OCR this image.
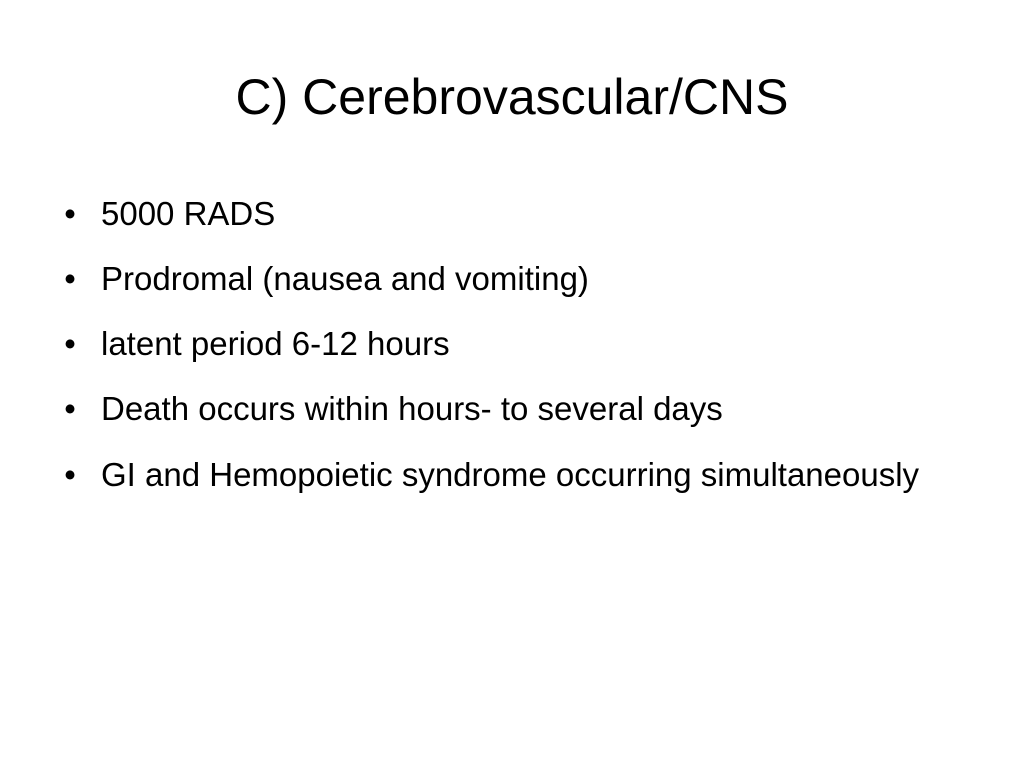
C) Cerebrovascular/CNS
• 5000 RADS
• Prodromal (nausea and vomiting)
• latent period 6-12 hours
• Death occurs within hours- to several days
• GI and Hemopoietic syndrome occurring simultaneously
